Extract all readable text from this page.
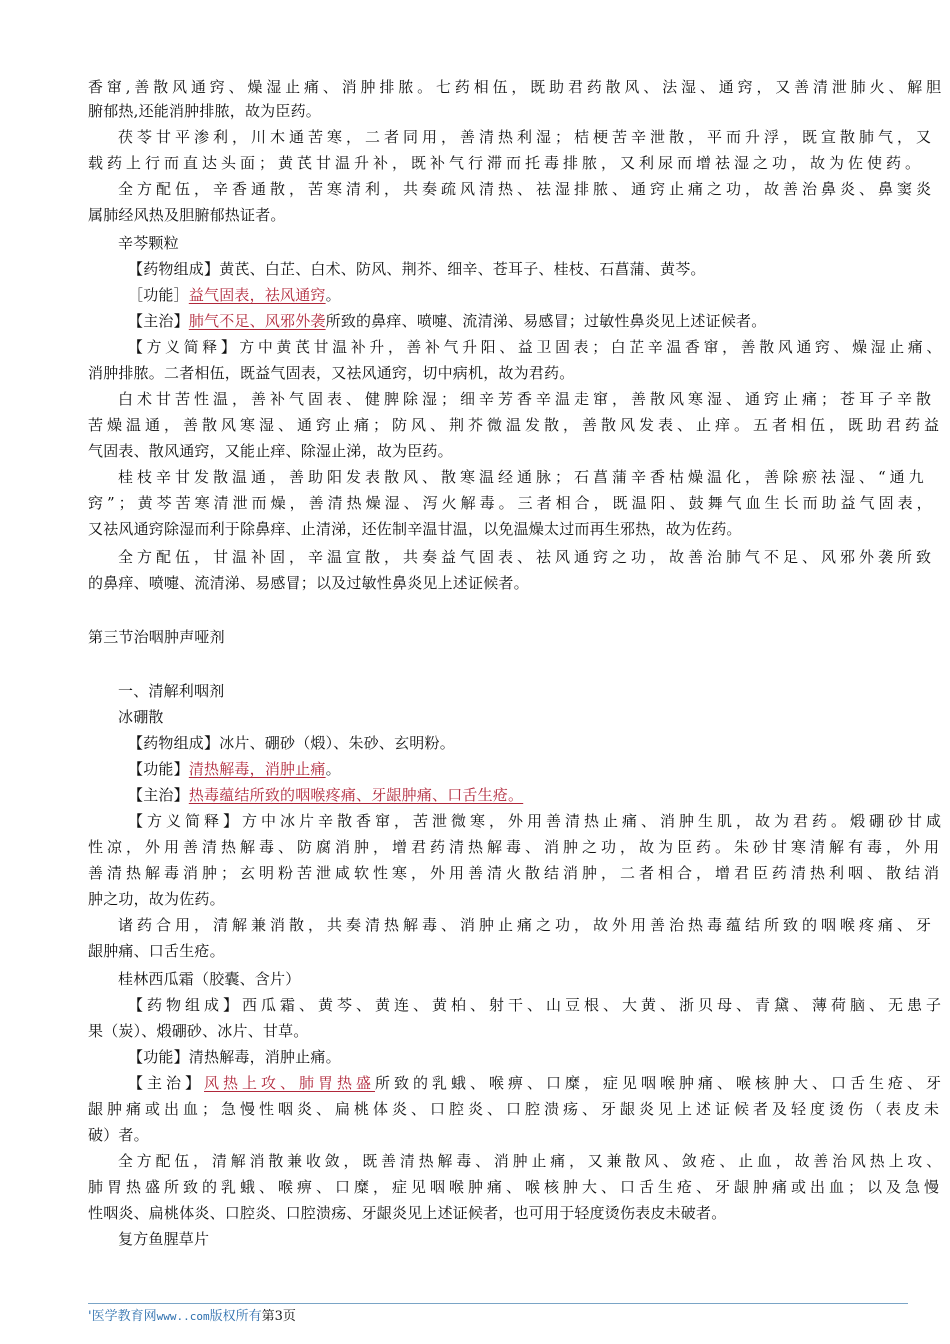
香窜,善散风通窍、燥湿止痛、消肿排脓。七药相伍，既助君药散风、法湿、通窍，又善清泄肺火、解胆
腑郁热,还能消肿排脓，故为臣药。
茯苓甘平渗利，川木通苦寒，二者同用，善清热利湿；桔梗苦辛泄散，平而升浮，既宣散肺气，又
载药上行而直达头面；黄芪甘温升补，既补气行滞而托毒排脓，又利尿而增祛湿之功，故为佐使药。
全方配伍，辛香通散，苦寒清利，共奏疏风清热、祛湿排脓、通窍止痛之功，故善治鼻炎、鼻窦炎
属肺经风热及胆腑郁热证者。
辛芩颗粒
【药物组成】黄芪、白芷、白术、防风、荆芥、细辛、苍耳子、桂枝、石菖蒲、黄芩。
［功能］益气固表，祛风通窍。
【主治】肺气不足、风邪外袭所致的鼻痒、喷嚏、流清涕、易感冒；过敏性鼻炎见上述证候者。
【方义简释】方中黄芪甘温补升，善补气升阳、益卫固表；白芷辛温香窜，善散风通窍、燥湿止痛、
消肿排脓。二者相伍，既益气固表，又祛风通窍，切中病机，故为君药。
白术甘苦性温，善补气固表、健脾除湿；细辛芳香辛温走窜，善散风寒湿、通窍止痛；苍耳子辛散
苦燥温通，善散风寒湿、通窍止痛；防风、荆芥微温发散，善散风发表、止痒。五者相伍，既助君药益
气固表、散风通窍，又能止痒、除湿止涕，故为臣药。
桂枝辛甘发散温通，善助阳发表散风、散寒温经通脉；石菖蒲辛香枯燥温化，善除瘀祛湿、“通九
窍”；黄芩苦寒清泄而燥，善清热燥湿、泻火解毒。三者相合，既温阳、鼓舞气血生长而助益气固表，
又祛风通窍除湿而利于除鼻痒、止清涕，还佐制辛温甘温，以免温燥太过而再生邪热，故为佐药。
全方配伍，甘温补固，辛温宣散，共奏益气固表、祛风通窍之功，故善治肺气不足、风邪外袭所致
的鼻痒、喷嚏、流清涕、易感冒；以及过敏性鼻炎见上述证候者。
第三节治咽肿声哑剂
一、清解利咽剂
冰硼散
【药物组成】冰片、硼砂（煅）、朱砂、玄明粉。
【功能】清热解毒，消肿止痛。
【主治】热毒蕴结所致的咽喉疼痛、牙龈肿痛、口舌生疮。
【方义简释】方中冰片辛散香窜，苦泄微寒，外用善清热止痛、消肿生肌，故为君药。煅硼砂甘咸
性凉，外用善清热解毒、防腐消肿，增君药清热解毒、消肿之功，故为臣药。朱砂甘寒清解有毒，外用
善清热解毒消肿；玄明粉苦泄咸软性寒，外用善清火散结消肿，二者相合，增君臣药清热利咽、散结消
肿之功，故为佐药。
诸药合用，清解兼消散，共奏清热解毒、消肿止痛之功，故外用善治热毒蕴结所致的咽喉疼痛、牙
龈肿痛、口舌生疮。
桂林西瓜霜（胶囊、含片）
【药物组成】西瓜霜、黄芩、黄连、黄柏、射干、山豆根、大黄、浙贝母、青黛、薄荷脑、无患子
果（炭）、煅硼砂、冰片、甘草。
【功能】清热解毒，消肿止痛。
【主治】风热上攻、肺胃热盛所致的乳蛾、喉痹、口糜，症见咽喉肿痛、喉核肿大、口舌生疮、牙
龈肿痛或出血；急慢性咽炎、扁桃体炎、口腔炎、口腔溃疡、牙龈炎见上述证候者及轻度烫伤（表皮未
破）者。
全方配伍，清解消散兼收敛，既善清热解毒、消肿止痛，又兼散风、敛疮、止血，故善治风热上攻、
肺胃热盛所致的乳蛾、喉痹、口糜，症见咽喉肿痛、喉核肿大、口舌生疮、牙龈肿痛或出血；以及急慢
性咽炎、扁桃体炎、口腔炎、口腔溃疡、牙龈炎见上述证候者，也可用于轻度烫伤表皮未破者。
复方鱼腥草片
'医学教育网www..com版权所有第3页
